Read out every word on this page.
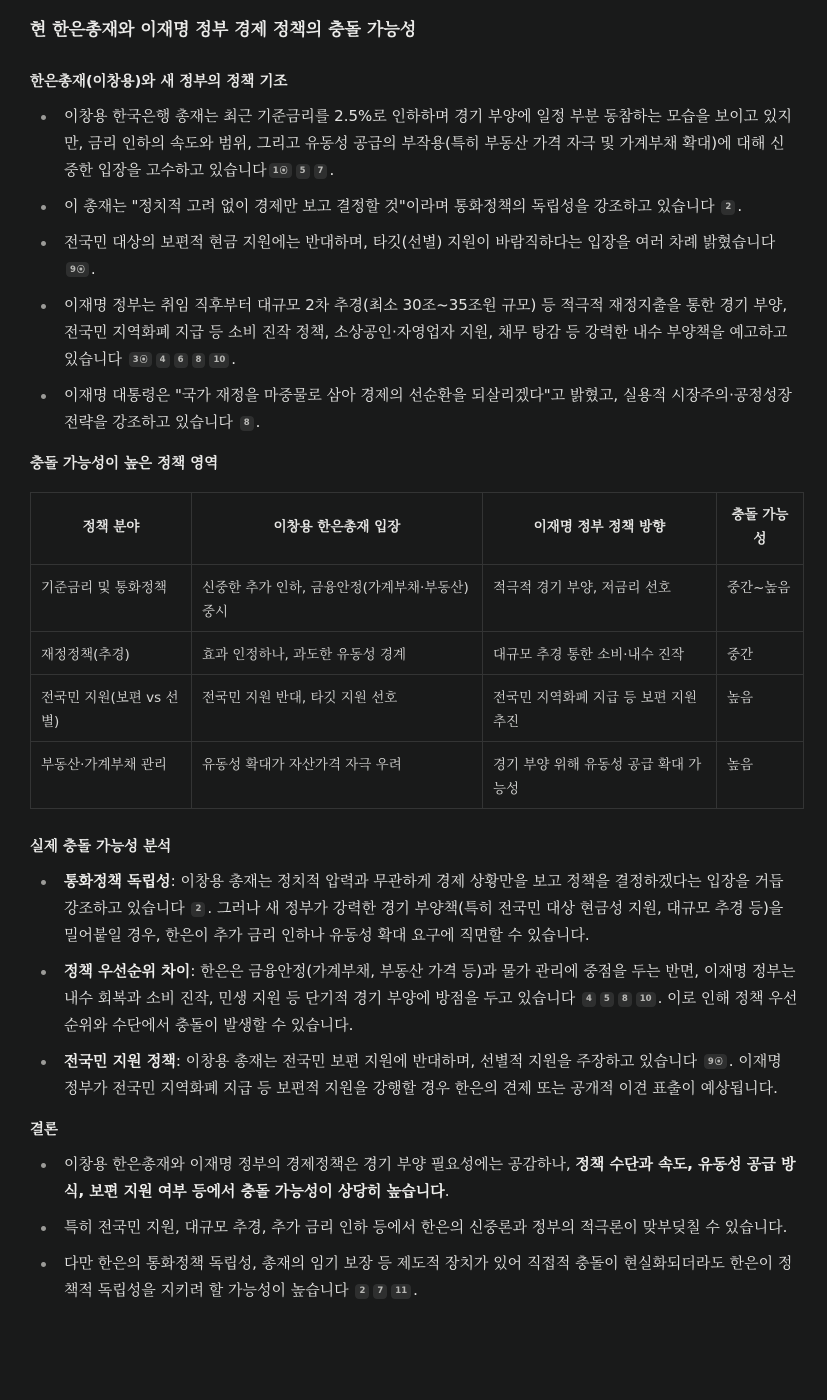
현 한은총재와 이재명 정부 경제 정책의 충돌 가능성
한은총재(이창용)와 새 정부의 정책 기조
이창용 한국은행 총재는 최근 기준금리를 2.5%로 인하하며 경기 부양에 일정 부분 동참하는 모습을 보이고 있지만, 금리 인하의 속도와 범위, 그리고 유동성 공급의 부작용(특히 부동산 가격 자극 및 가계부채 확대)에 대해 신중한 입장을 고수하고 있습니다 1⦿ 5 7 .
이 총재는 "정치적 고려 없이 경제만 보고 결정할 것"이라며 통화정책의 독립성을 강조하고 있습니다 2 .
전국민 대상의 보편적 현금 지원에는 반대하며, 타깃(선별) 지원이 바람직하다는 입장을 여러 차례 밝혔습니다 9⦿ .
이재명 정부는 취임 직후부터 대규모 2차 추경(최소 30조~35조원 규모) 등 적극적 재정지출을 통한 경기 부양, 전국민 지역화폐 지급 등 소비 진작 정책, 소상공인·자영업자 지원, 채무 탕감 등 강력한 내수 부양책을 예고하고 있습니다 3⦿ 4 6 8 10 .
이재명 대통령은 "국가 재정을 마중물로 삼아 경제의 선순환을 되살리겠다"고 밝혔고, 실용적 시장주의·공정성장 전략을 강조하고 있습니다 8 .
충돌 가능성이 높은 정책 영역
정책 분야	이창용 한은총재 입장	이재명 정부 정책 방향	충돌 가능성
기준금리 및 통화정책	신중한 추가 인하, 금융안정(가계부채·부동산) 중시	적극적 경기 부양, 저금리 선호	중간~높음
재정정책(추경)	효과 인정하나, 과도한 유동성 경계	대규모 추경 통한 소비·내수 진작	중간
전국민 지원(보편 vs 선별)	전국민 지원 반대, 타깃 지원 선호	전국민 지역화폐 지급 등 보편 지원 추진	높음
부동산·가계부채 관리	유동성 확대가 자산가격 자극 우려	경기 부양 위해 유동성 공급 확대 가능성	높음
실제 충돌 가능성 분석
통화정책 독립성: 이창용 총재는 정치적 압력과 무관하게 경제 상황만을 보고 정책을 결정하겠다는 입장을 거듭 강조하고 있습니다 2 . 그러나 새 정부가 강력한 경기 부양책(특히 전국민 대상 현금성 지원, 대규모 추경 등)을 밀어붙일 경우, 한은이 추가 금리 인하나 유동성 확대 요구에 직면할 수 있습니다.
정책 우선순위 차이: 한은은 금융안정(가계부채, 부동산 가격 등)과 물가 관리에 중점을 두는 반면, 이재명 정부는 내수 회복과 소비 진작, 민생 지원 등 단기적 경기 부양에 방점을 두고 있습니다 4 5 8 10 . 이로 인해 정책 우선순위와 수단에서 충돌이 발생할 수 있습니다.
전국민 지원 정책: 이창용 총재는 전국민 보편 지원에 반대하며, 선별적 지원을 주장하고 있습니다 9⦿ . 이재명 정부가 전국민 지역화폐 지급 등 보편적 지원을 강행할 경우 한은의 견제 또는 공개적 이견 표출이 예상됩니다.
결론
이창용 한은총재와 이재명 정부의 경제정책은 경기 부양 필요성에는 공감하나, 정책 수단과 속도, 유동성 공급 방식, 보편 지원 여부 등에서 충돌 가능성이 상당히 높습니다.
특히 전국민 지원, 대규모 추경, 추가 금리 인하 등에서 한은의 신중론과 정부의 적극론이 맞부딪칠 수 있습니다.
다만 한은의 통화정책 독립성, 총재의 임기 보장 등 제도적 장치가 있어 직접적 충돌이 현실화되더라도 한은이 정책적 독립성을 지키려 할 가능성이 높습니다 2 7 11 .
